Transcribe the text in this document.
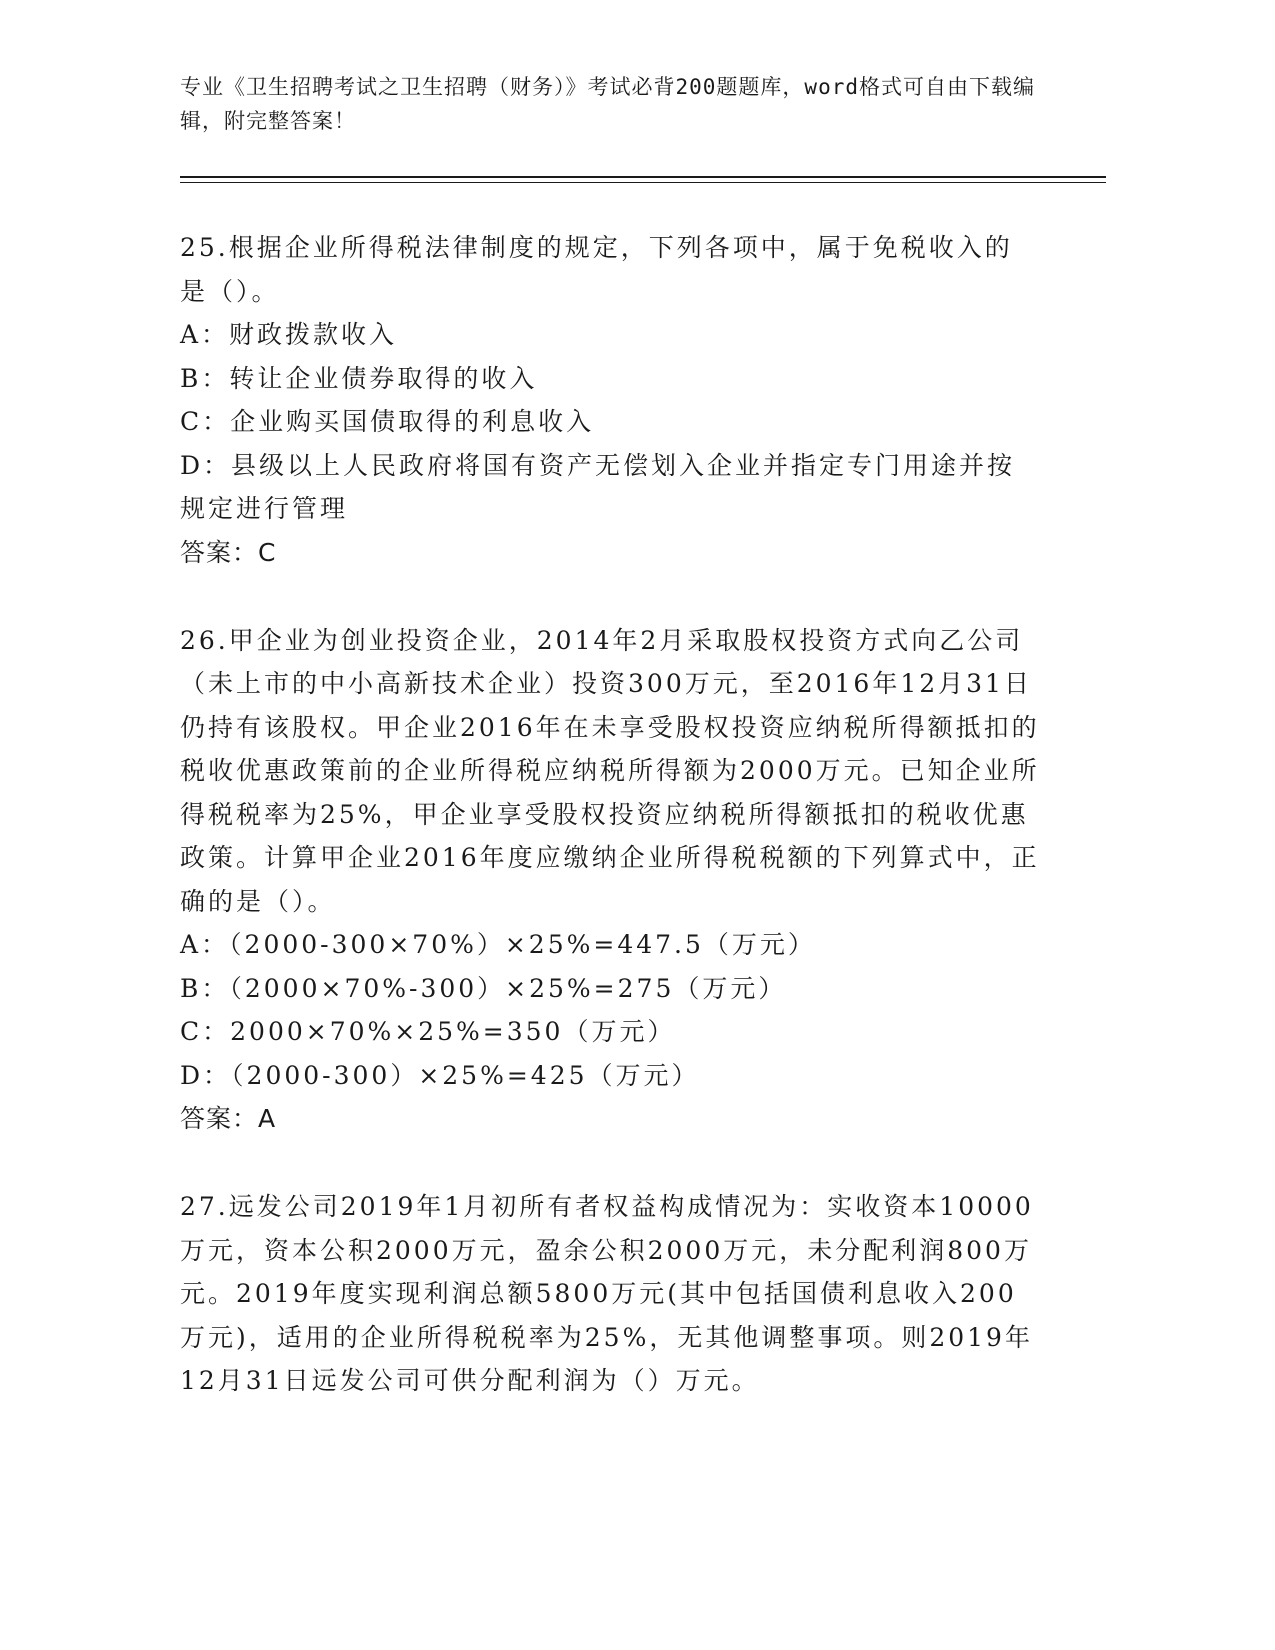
专业《卫生招聘考试之卫生招聘（财务）》考试必背200题题库，word格式可自由下载编辑，附完整答案！

25.根据企业所得税法律制度的规定，下列各项中，属于免税收入的是（）。

A：财政拨款收入

B：转让企业债券取得的收入

C：企业购买国债取得的利息收入

D：县级以上人民政府将国有资产无偿划入企业并指定专门用途并按规定进行管理

答案：C

26.甲企业为创业投资企业，2014年2月采取股权投资方式向乙公司（未上市的中小高新技术企业）投资300万元，至2016年12月31日仍持有该股权。甲企业2016年在未享受股权投资应纳税所得额抵扣的税收优惠政策前的企业所得税应纳税所得额为2000万元。已知企业所得税税率为25%，甲企业享受股权投资应纳税所得额抵扣的税收优惠政策。计算甲企业2016年度应缴纳企业所得税税额的下列算式中，正确的是（）。

A：（2000-300×70%）×25%=447.5（万元）

B：（2000×70%-300）×25%=275（万元）

C：2000×70%×25%=350（万元）

D：（2000-300）×25%=425（万元）

答案：A

27.远发公司2019年1月初所有者权益构成情况为：实收资本10000万元，资本公积2000万元，盈余公积2000万元，未分配利润800万元。2019年度实现利润总额5800万元(其中包括国债利息收入200万元)，适用的企业所得税税率为25%，无其他调整事项。则2019年12月31日远发公司可供分配利润为（）万元。
